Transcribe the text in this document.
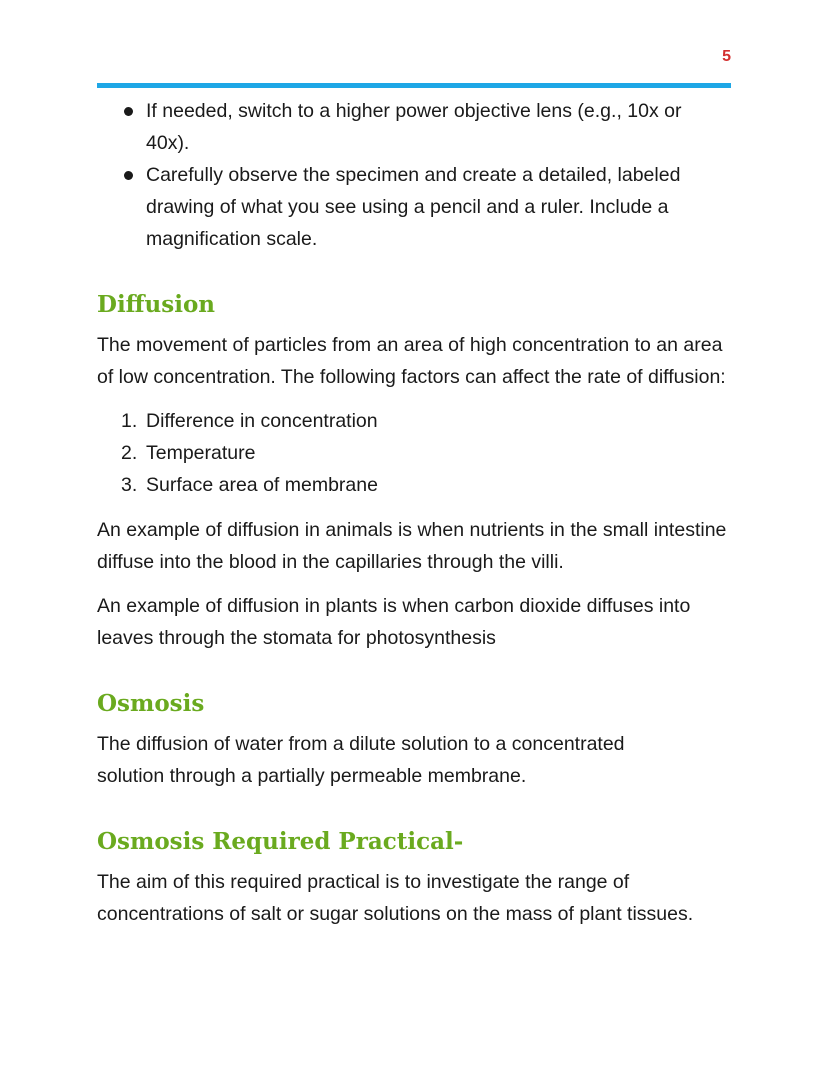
5
If needed, switch to a higher power objective lens (e.g., 10x or 40x).
Carefully observe the specimen and create a detailed, labeled drawing of what you see using a pencil and a ruler. Include a magnification scale.
Diffusion

The movement of particles from an area of high concentration to an area of low concentration. The following factors can affect the rate of diffusion:

1. Difference in concentration
2. Temperature
3. Surface area of membrane

An example of diffusion in animals is when nutrients in the small intestine diffuse into the blood in the capillaries through the villi.

An example of diffusion in plants is when carbon dioxide diffuses into leaves through the stomata for photosynthesis

Osmosis

The diffusion of water from a dilute solution to a concentrated solution through a partially permeable membrane.

Osmosis Required Practical-

The aim of this required practical is to investigate the range of concentrations of salt or sugar solutions on the mass of plant tissues.
